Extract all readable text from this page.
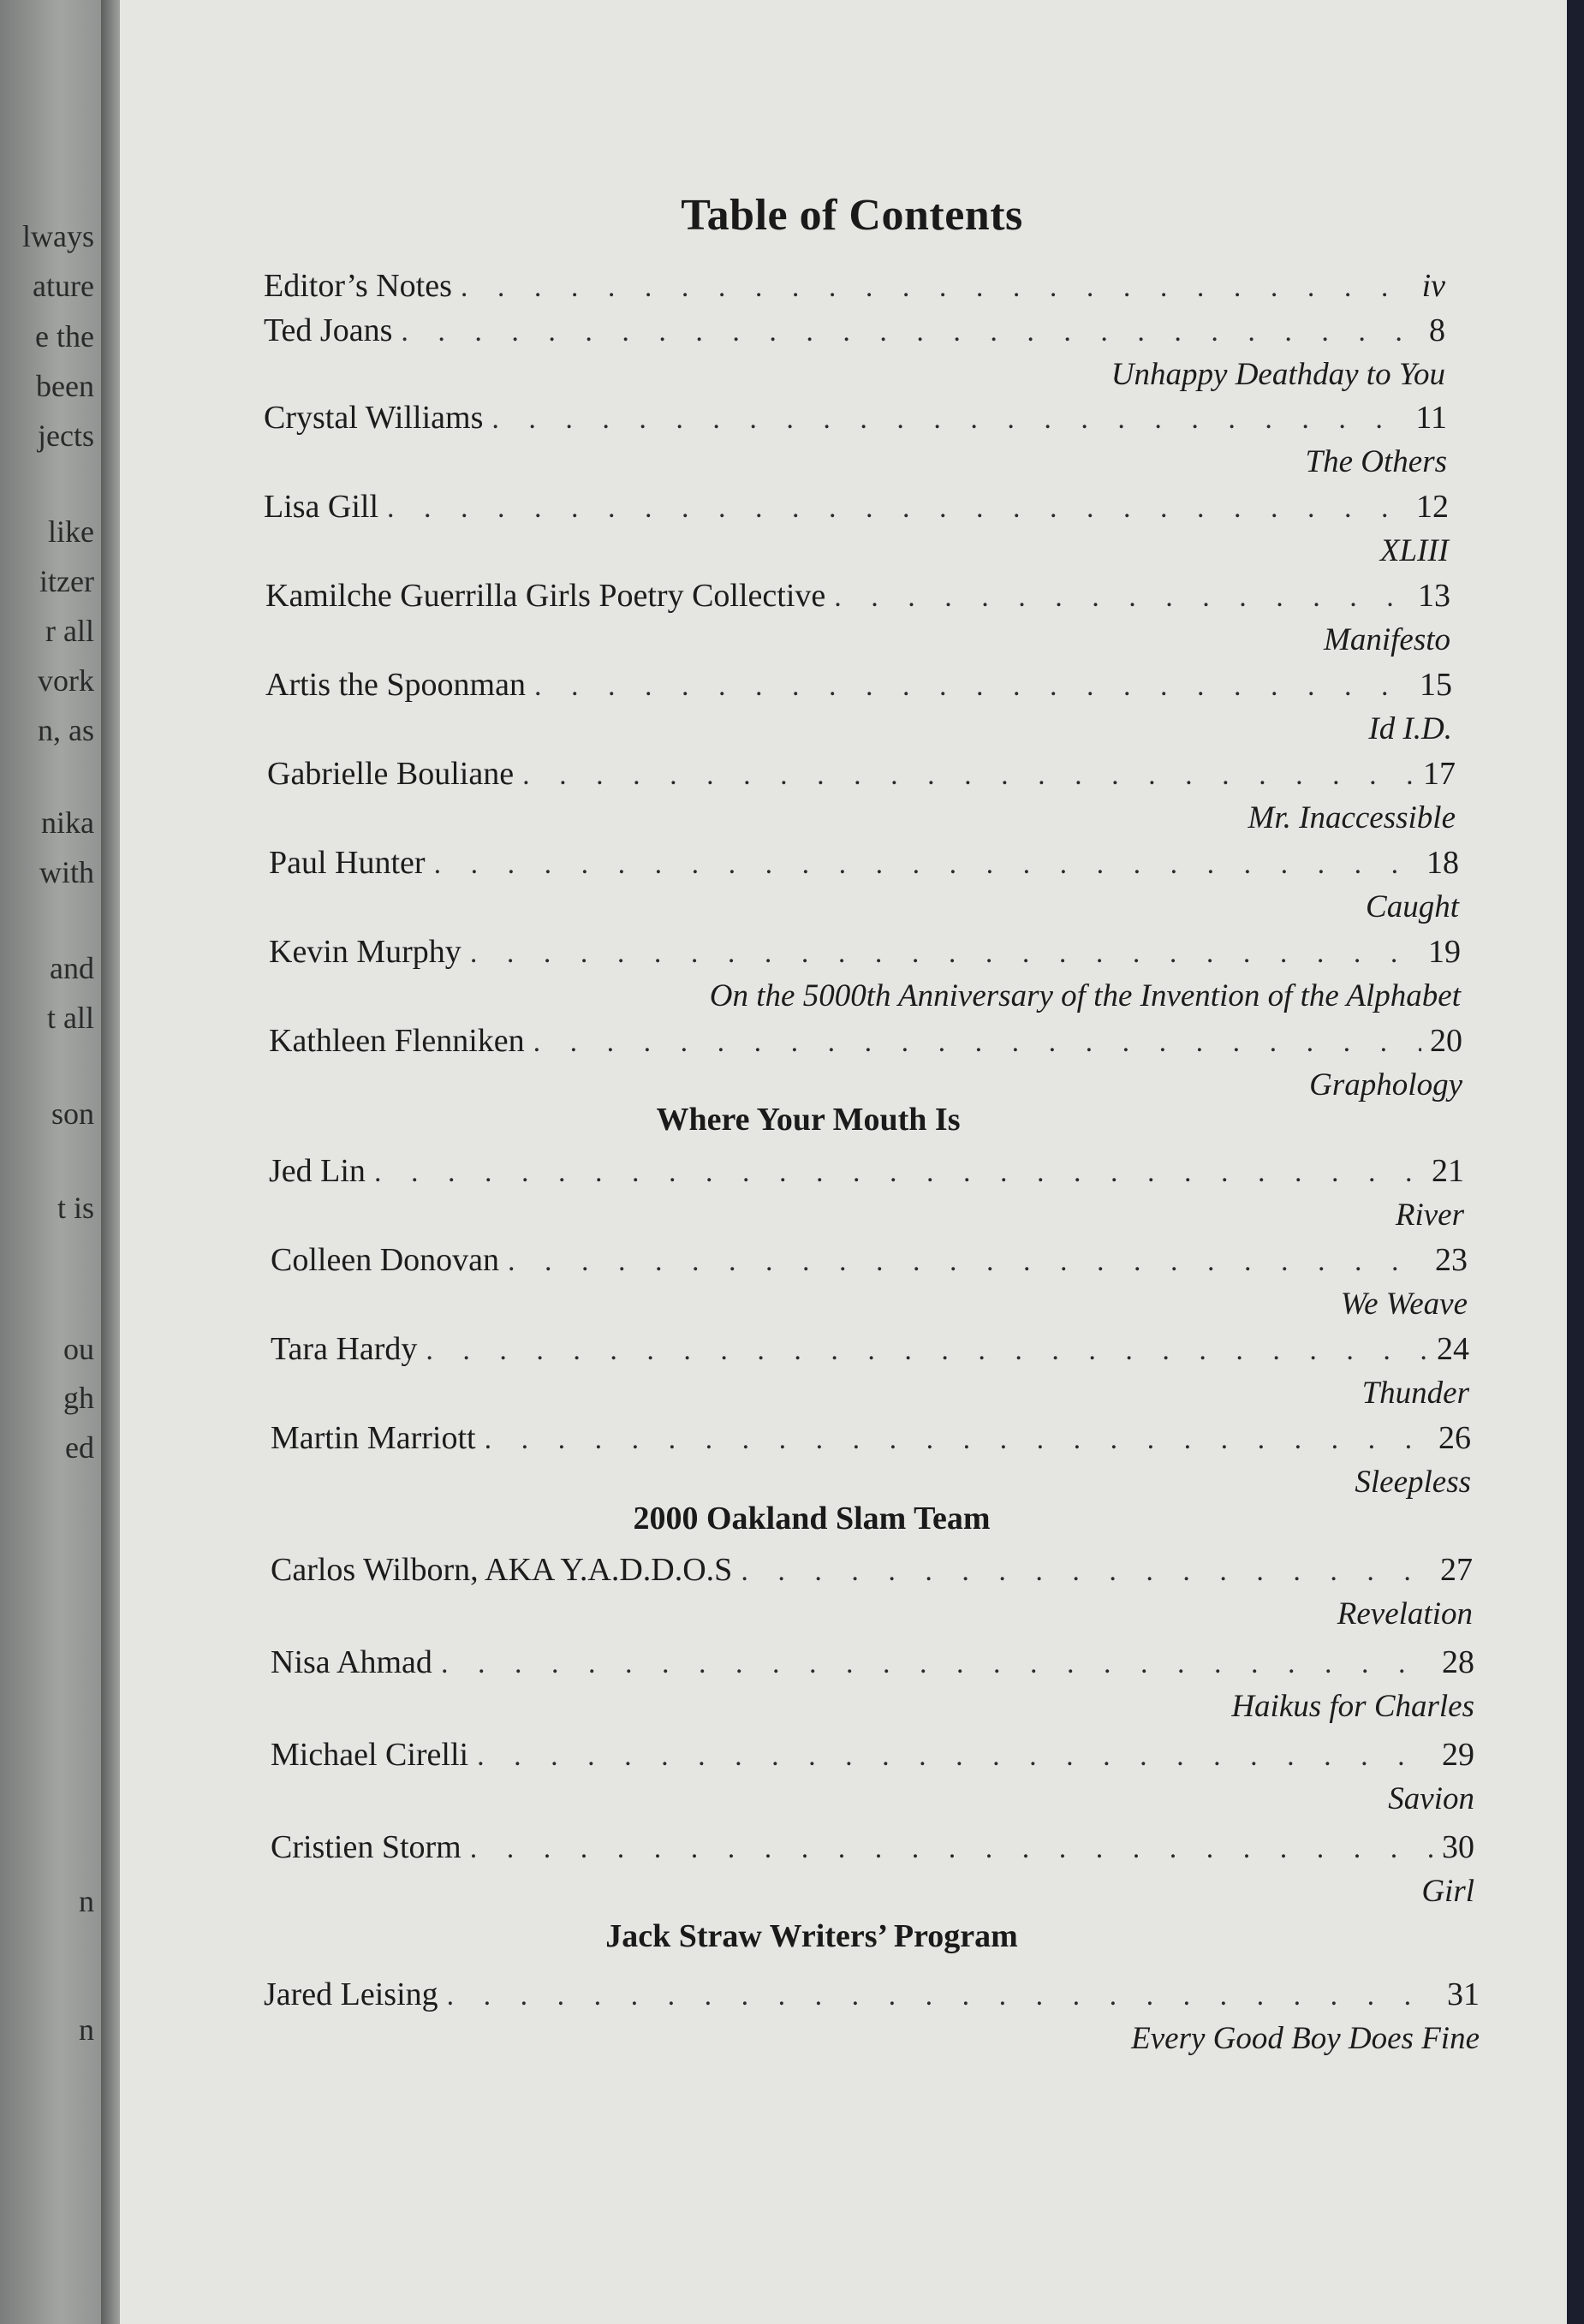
lways
ature
e the
been
jects
like
itzer
r all
vork
n, as
nika
with
and
t all
son
t is
ou
gh
ed
n
n
Table of Contents
Editor’s Notes . . .	iv
Ted Joans . . .	8
Unhappy Deathday to You
Crystal Williams . . .	11
The Others
Lisa Gill . . .	12
XLIII
Kamilche Guerrilla Girls Poetry Collective . . .	13
Manifesto
Artis the Spoonman . . .	15
Id I.D.
Gabrielle Bouliane . . .	17
Mr. Inaccessible
Paul Hunter . . .	18
Caught
Kevin Murphy . . .	19
On the 5000th Anniversary of the Invention of the Alphabet
Kathleen Flenniken . . .	20
Graphology
Where Your Mouth Is
Jed Lin . . .	21
River
Colleen Donovan . . .	23
We Weave
Tara Hardy . . .	24
Thunder
Martin Marriott . . .	26
Sleepless
2000 Oakland Slam Team
Carlos Wilborn, AKA Y.A.D.D.O.S . . .	27
Revelation
Nisa Ahmad . . .	28
Haikus for Charles
Michael Cirelli . . .	29
Savion
Cristien Storm . . .	30
Girl
Jack Straw Writers’ Program
Jared Leising . . .	31
Every Good Boy Does Fine
